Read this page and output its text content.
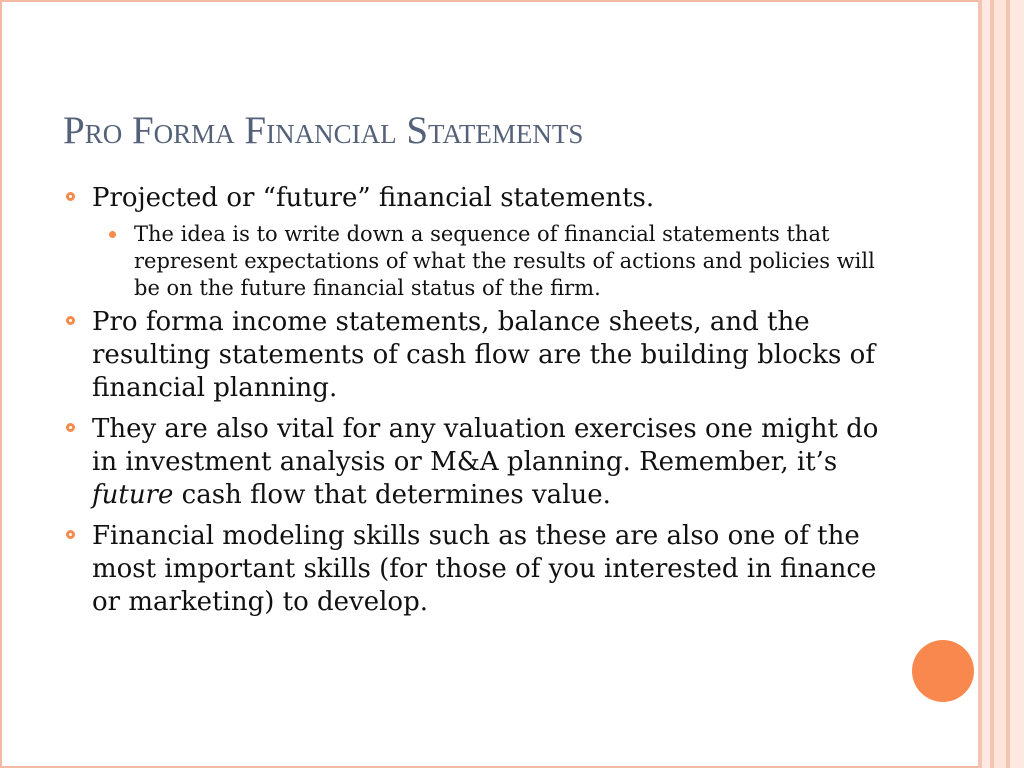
Pro Forma Financial Statements

Projected or “future” financial statements.

The idea is to write down a sequence of financial statements that represent expectations of what the results of actions and policies will be on the future financial status of the firm.

Pro forma income statements, balance sheets, and the resulting statements of cash flow are the building blocks of financial planning.

They are also vital for any valuation exercises one might do in investment analysis or M&A planning. Remember, it’s future cash flow that determines value.

Financial modeling skills such as these are also one of the most important skills (for those of you interested in finance or marketing) to develop.
